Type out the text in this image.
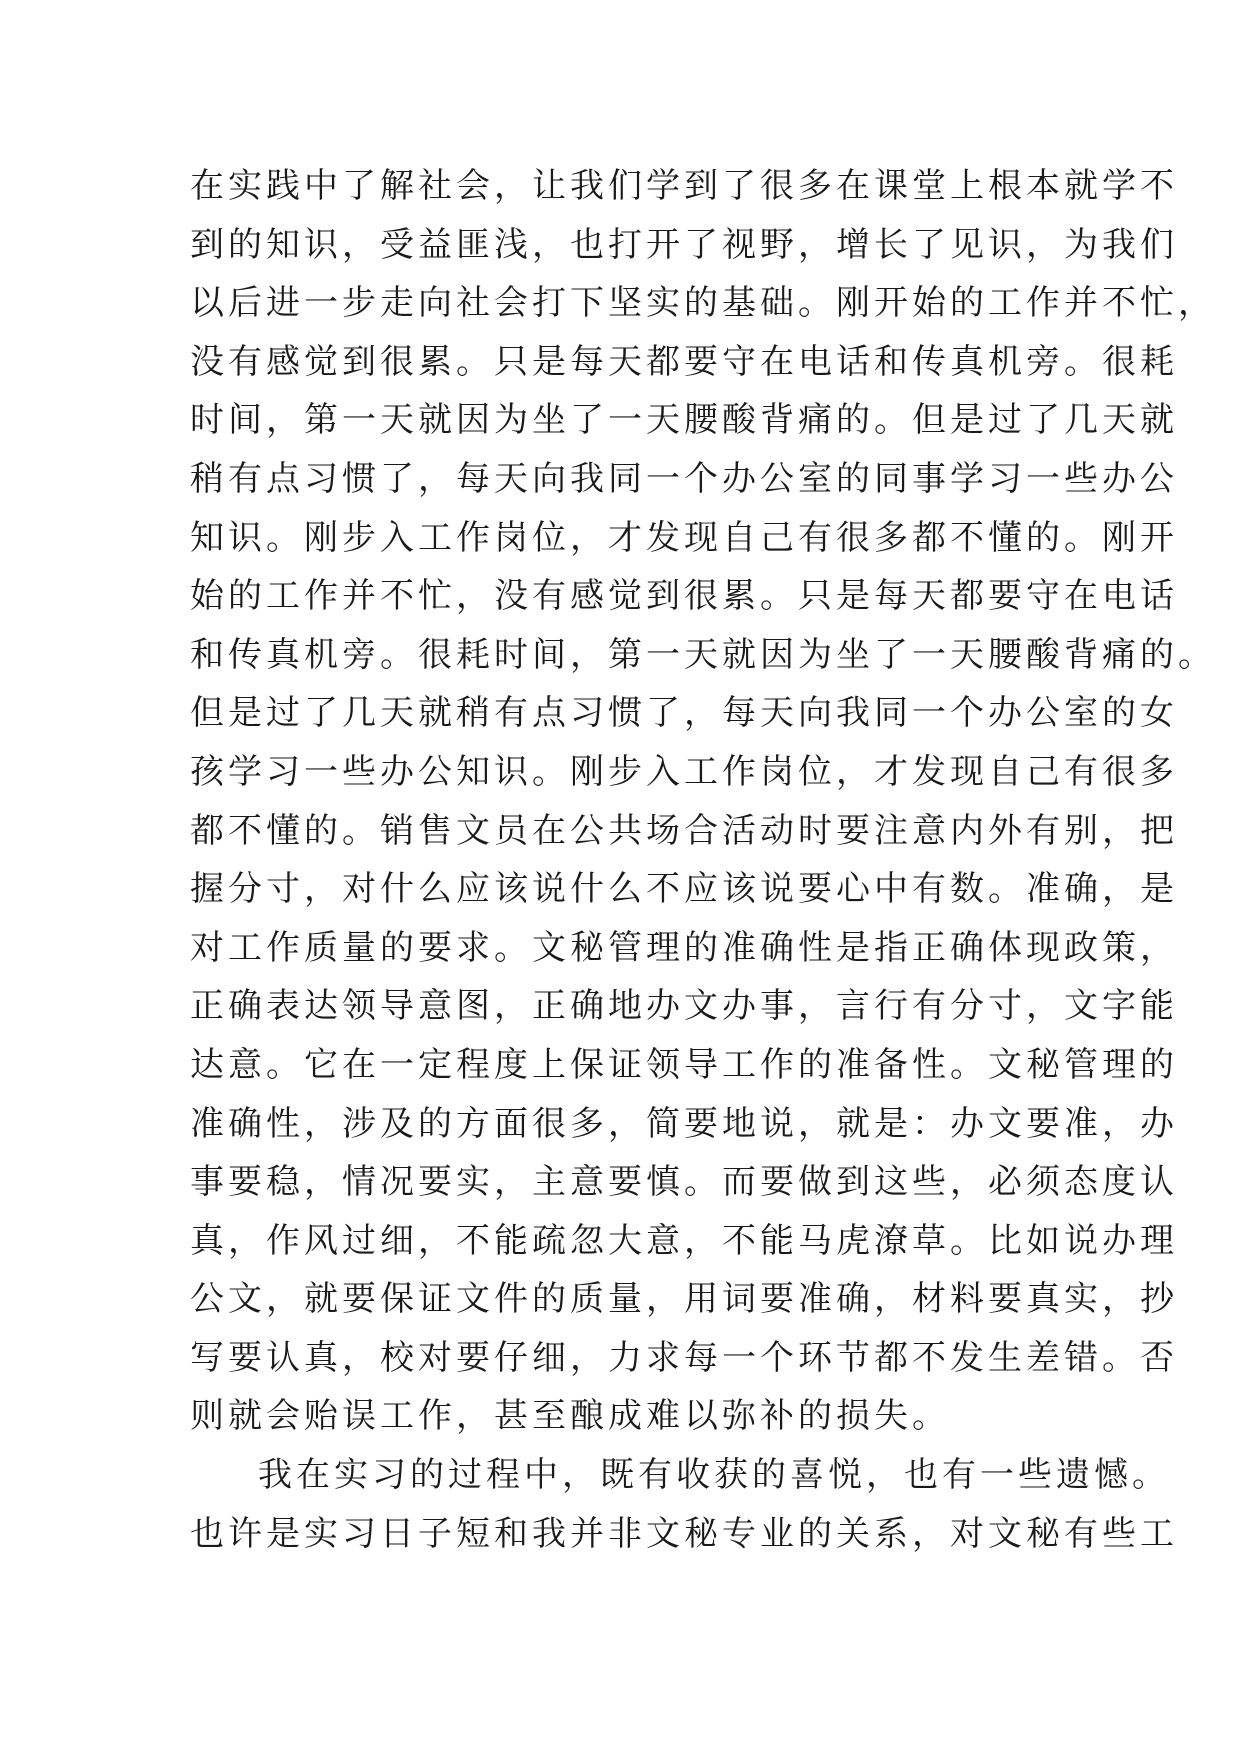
在实践中了解社会，让我们学到了很多在课堂上根本就学不
到的知识，受益匪浅，也打开了视野，增长了见识，为我们
以后进一步走向社会打下坚实的基础。刚开始的工作并不忙，
没有感觉到很累。只是每天都要守在电话和传真机旁。很耗
时间，第一天就因为坐了一天腰酸背痛的。但是过了几天就
稍有点习惯了，每天向我同一个办公室的同事学习一些办公
知识。刚步入工作岗位，才发现自己有很多都不懂的。刚开
始的工作并不忙，没有感觉到很累。只是每天都要守在电话
和传真机旁。很耗时间，第一天就因为坐了一天腰酸背痛的。
但是过了几天就稍有点习惯了，每天向我同一个办公室的女
孩学习一些办公知识。刚步入工作岗位，才发现自己有很多
都不懂的。销售文员在公共场合活动时要注意内外有别，把
握分寸，对什么应该说什么不应该说要心中有数。准确，是
对工作质量的要求。文秘管理的准确性是指正确体现政策，
正确表达领导意图，正确地办文办事，言行有分寸，文字能
达意。它在一定程度上保证领导工作的准备性。文秘管理的
准确性，涉及的方面很多，简要地说，就是：办文要准，办
事要稳，情况要实，主意要慎。而要做到这些，必须态度认
真，作风过细，不能疏忽大意，不能马虎潦草。比如说办理
公文，就要保证文件的质量，用词要准确，材料要真实，抄
写要认真，校对要仔细，力求每一个环节都不发生差错。否
则就会贻误工作，甚至酿成难以弥补的损失。
我在实习的过程中，既有收获的喜悦，也有一些遗憾。
也许是实习日子短和我并非文秘专业的关系，对文秘有些工
